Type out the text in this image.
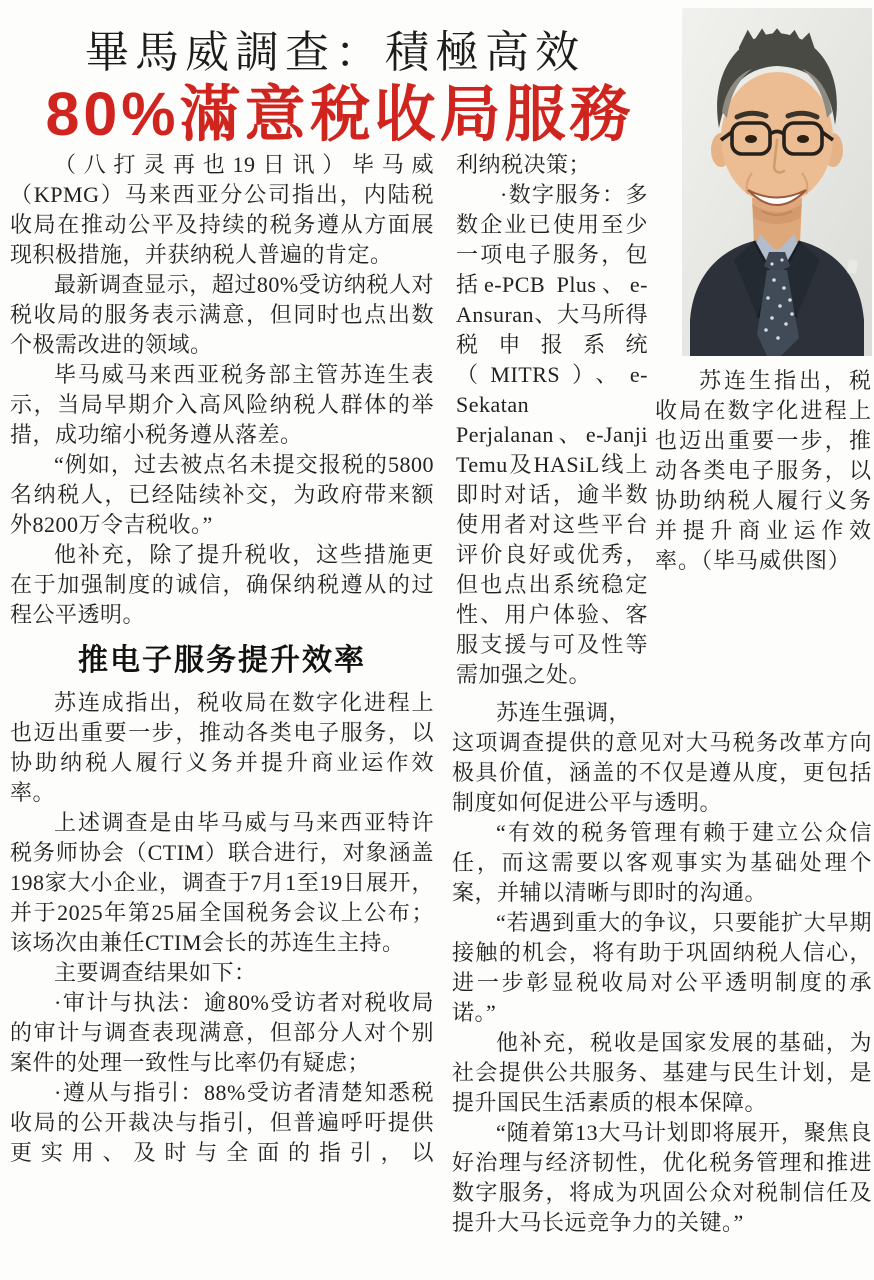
畢馬威調查：積極高效
80%滿意稅收局服務
苏连生指出，税收局在数字化进程上也迈出重要一步，推动各类电子服务，以协助纳税人履行义务并提升商业运作效率。（毕马威供图）

（八打灵再也19日讯）毕马威（KPMG）马来西亚分公司指出，内陆税收局在推动公平及持续的税务遵从方面展现积极措施，并获纳税人普遍的肯定。

最新调查显示，超过80%受访纳税人对税收局的服务表示满意，但同时也点出数个极需改进的领域。

毕马威马来西亚税务部主管苏连生表示，当局早期介入高风险纳税人群体的举措，成功缩小税务遵从落差。

“例如，过去被点名未提交报税的5800名纳税人，已经陆续补交，为政府带来额外8200万令吉税收。”

他补充，除了提升税收，这些措施更在于加强制度的诚信，确保纳税遵从的过程公平透明。

推电子服务提升效率

苏连成指出，税收局在数字化进程上也迈出重要一步，推动各类电子服务，以协助纳税人履行义务并提升商业运作效率。

上述调查是由毕马威与马来西亚特许税务师协会（CTIM）联合进行，对象涵盖198家大小企业，调查于7月1至19日展开，并于2025年第25届全国税务会议上公布；该场次由兼任CTIM会长的苏连生主持。

主要调查结果如下：

·审计与执法：逾80%受访者对税收局的审计与调查表现满意，但部分人对个别案件的处理一致性与比率仍有疑虑；

·遵从与指引：88%受访者清楚知悉税收局的公开裁决与指引，但普遍呼吁提供更实用、及时与全面的指引，以

利纳税决策；

·数字服务：多数企业已使用至少一项电子服务，包括e-PCB Plus、e-Ansuran、大马所得税申报系统（MITRS）、e-Sekatan Perjalanan、e-Janji Temu及HASiL线上即时对话，逾半数使用者对这些平台评价良好或优秀，但也点出系统稳定性、用户体验、客服支援与可及性等需加强之处。

苏连生强调，

这项调查提供的意见对大马税务改革方向极具价值，涵盖的不仅是遵从度，更包括制度如何促进公平与透明。

“有效的税务管理有赖于建立公众信任，而这需要以客观事实为基础处理个案，并辅以清晰与即时的沟通。

“若遇到重大的争议，只要能扩大早期接触的机会，将有助于巩固纳税人信心，进一步彰显税收局对公平透明制度的承诺。”

他补充，税收是国家发展的基础，为社会提供公共服务、基建与民生计划，是提升国民生活素质的根本保障。

“随着第13大马计划即将展开，聚焦良好治理与经济韧性，优化税务管理和推进数字服务，将成为巩固公众对税制信任及提升大马长远竞争力的关键。”
